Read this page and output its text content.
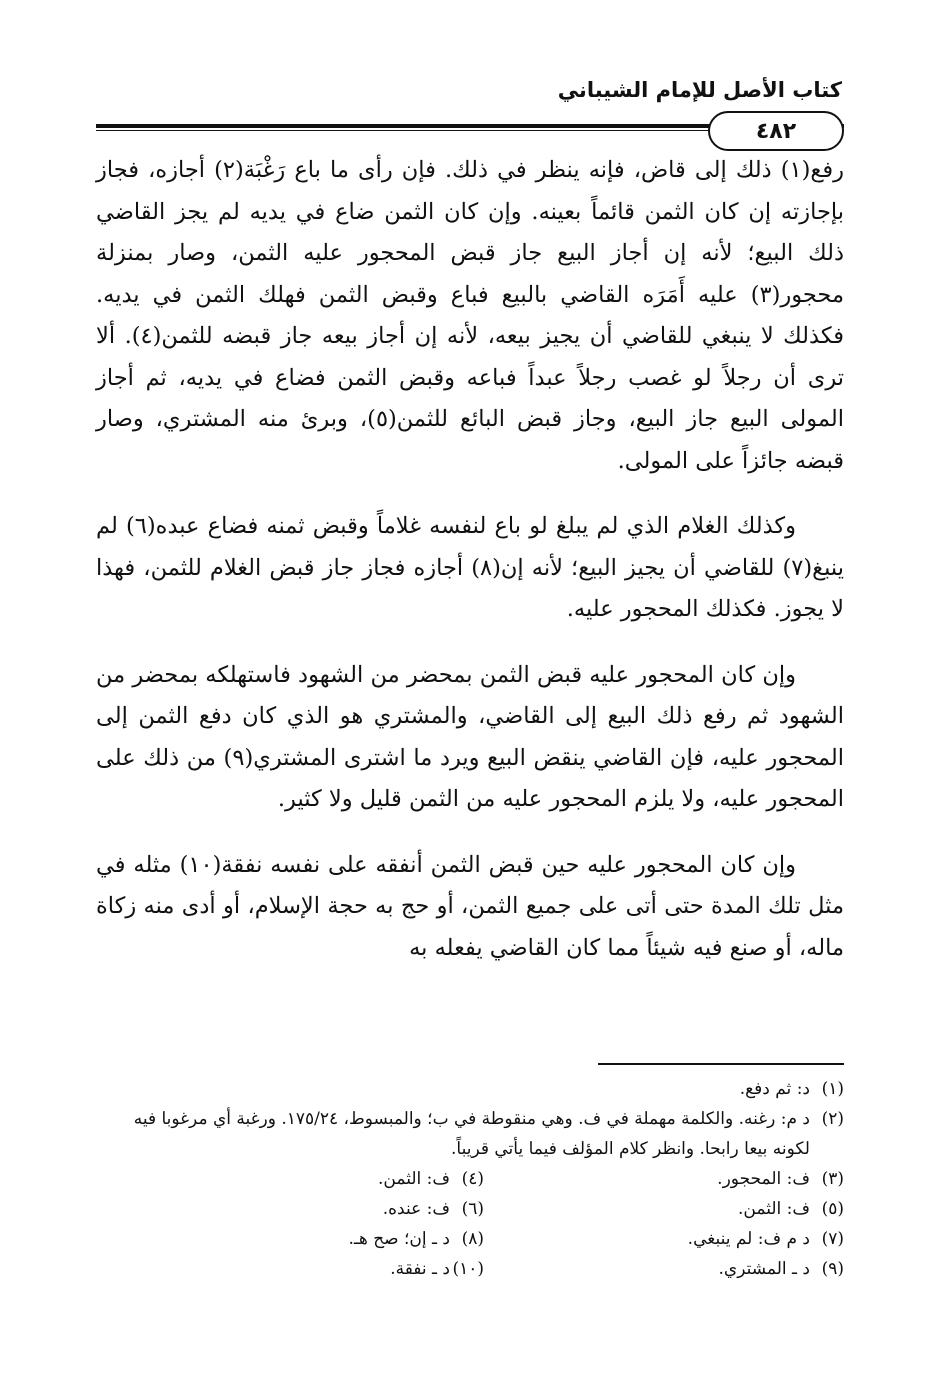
كتاب الأصل للإمام الشيباني
٤٨٢

رفع(١) ذلك إلى قاض، فإنه ينظر في ذلك. فإن رأى ما باع رَغْبَة(٢) أجازه، فجاز بإجازته إن كان الثمن قائماً بعينه. وإن كان الثمن ضاع في يديه لم يجز القاضي ذلك البيع؛ لأنه إن أجاز البيع جاز قبض المحجور عليه الثمن، وصار بمنزلة محجور(٣) عليه أَمَرَه القاضي بالبيع فباع وقبض الثمن فهلك الثمن في يديه. فكذلك لا ينبغي للقاضي أن يجيز بيعه، لأنه إن أجاز بيعه جاز قبضه للثمن(٤). ألا ترى أن رجلاً لو غصب رجلاً عبداً فباعه وقبض الثمن فضاع في يديه، ثم أجاز المولى البيع جاز البيع، وجاز قبض البائع للثمن(٥)، وبرئ منه المشتري، وصار قبضه جائزاً على المولى.

وكذلك الغلام الذي لم يبلغ لو باع لنفسه غلاماً وقبض ثمنه فضاع عبده(٦) لم ينبغ(٧) للقاضي أن يجيز البيع؛ لأنه إن(٨) أجازه فجاز جاز قبض الغلام للثمن، فهذا لا يجوز. فكذلك المحجور عليه.

وإن كان المحجور عليه قبض الثمن بمحضر من الشهود فاستهلكه بمحضر من الشهود ثم رفع ذلك البيع إلى القاضي، والمشتري هو الذي كان دفع الثمن إلى المحجور عليه، فإن القاضي ينقض البيع ويرد ما اشترى المشتري(٩) من ذلك على المحجور عليه، ولا يلزم المحجور عليه من الثمن قليل ولا كثير.

وإن كان المحجور عليه حين قبض الثمن أنفقه على نفسه نفقة(١٠) مثله في مثل تلك المدة حتى أتى على جميع الثمن، أو حج به حجة الإسلام، أو أدى منه زكاة ماله، أو صنع فيه شيئاً مما كان القاضي يفعله به

(١)
د: ثم دفع.
(٢)
د م: رغنه. والكلمة مهملة في ف. وهي منقوطة في ب؛ والمبسوط، ١٧٥/٢٤. ورغبة أي مرغوبا فيه لكونه بيعا رابحا. وانظر كلام المؤلف فيما يأتي قريباً.
(٣)
ف: المحجور.
(٤)
ف: الثمن.
(٥)
ف: الثمن.
(٦)
ف: عنده.
(٧)
د م ف: لم ينبغي.
(٨)
د ـ إن؛ صح هـ.
(٩)
د ـ المشتري.
(١٠)
د ـ نفقة.
